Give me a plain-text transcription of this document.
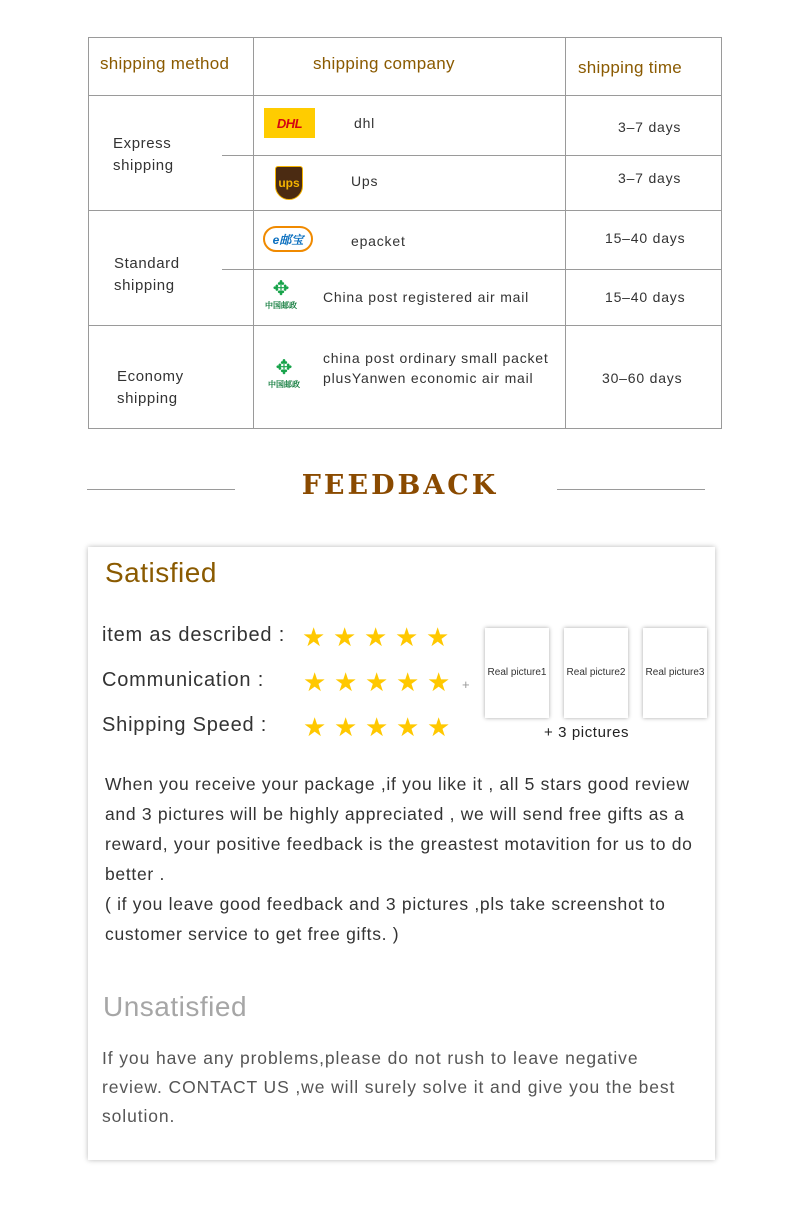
shipping method	shipping company	shipping time
Express shipping
DHL	dhl	3–7 days
ups	Ups	3–7 days
Standard shipping
e邮宝	epacket	15–40 days
✥
中国邮政
China post registered air mail	15–40 days
Economy shipping
✥
中国邮政
china post ordinary small packet plusYanwen economic air mail	30–60 days
FEEDBACK
Satisfied
item as described : ★ ★ ★ ★ ★
Communication : ★ ★ ★ ★ ★
Shipping Speed : ★ ★ ★ ★ ★
+
Real picture1 Real picture2 Real picture3
+ 3 pictures

When you receive your package ,if you like it , all 5 stars good review and 3 pictures will be highly appreciated , we will send free gifts as a reward, your positive feedback is the greastest motavition for us to do better .

( if you leave good feedback and 3 pictures ,pls take screenshot to customer service to get free gifts. )

Unsatisfied
If you have any problems,please do not rush to leave negative review. CONTACT US ,we will surely solve it and give you the best solution.
